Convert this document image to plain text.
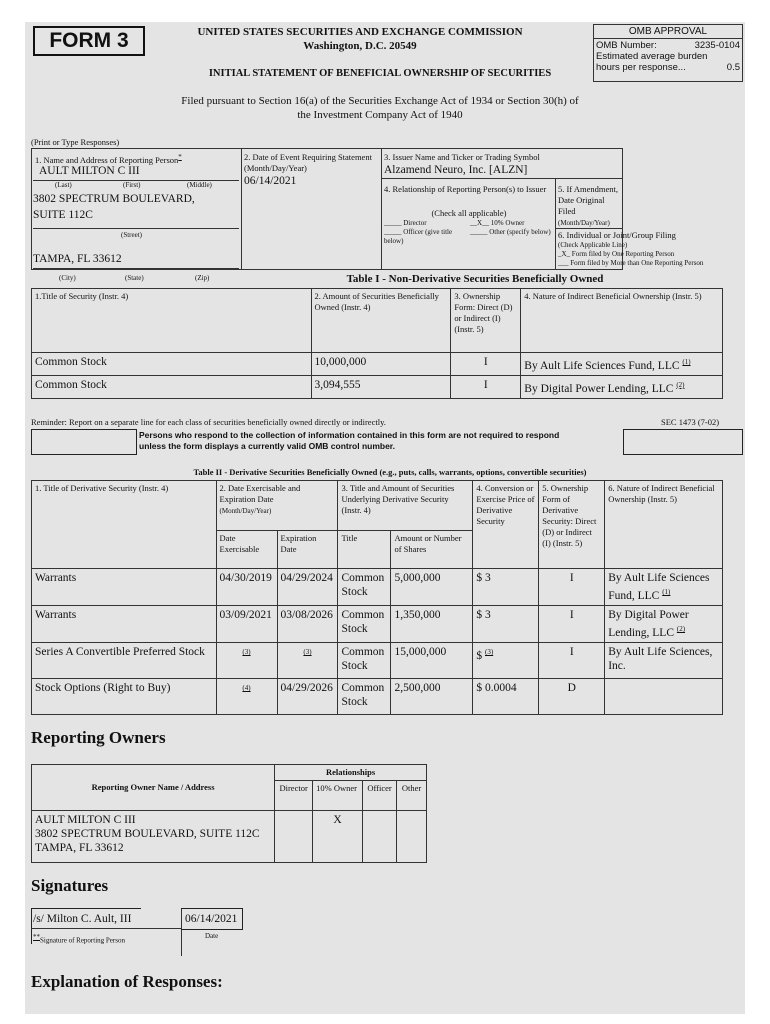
FORM 3	UNITED STATES SECURITIES AND EXCHANGE COMMISSION
Washington, D.C. 20549
INITIAL STATEMENT OF BENEFICIAL OWNERSHIP OF SECURITIES
OMB APPROVAL
OMB Number:	3235-0104
Estimated average burden
hours per response...	0.5
Filed pursuant to Section 16(a) of the Securities Exchange Act of 1934 or Section 30(h) of
the Investment Company Act of 1940
(Print or Type Responses)
1. Name and Address of Reporting Person*
AULT MILTON C III
(Last)	(First)	(Middle)
3802 SPECTRUM BOULEVARD,
SUITE 112C
(Street)
TAMPA, FL 33612
2. Date of Event Requiring Statement (Month/Day/Year)
06/14/2021
3. Issuer Name and Ticker or Trading Symbol
Alzamend Neuro, Inc. [ALZN]
4. Relationship of Reporting Person(s) to Issuer
(Check all applicable)
_____ Director	__X__ 10% Owner
_____ Officer (give title below)
_____ Other (specify below)
5. If Amendment, Date Original Filed (Month/Day/Year)
6. Individual or Joint/Group Filing
(Check Applicable Line)
_X_ Form filed by One Reporting Person
___ Form filed by More than One Reporting Person
(City)	(State)	(Zip)	Table I - Non-Derivative Securities Beneficially Owned
1.Title of Security (Instr. 4)	2. Amount of Securities Beneficially Owned (Instr. 4)	3. Ownership Form: Direct (D) or Indirect (I) (Instr. 5)	4. Nature of Indirect Beneficial Ownership (Instr. 5)
Common Stock	10,000,000	I	By Ault Life Sciences Fund, LLC $^{(1)}$
Common Stock	3,094,555	I	By Digital Power Lending, LLC $^{(2)}$
Reminder: Report on a separate line for each class of securities beneficially owned directly or indirectly.	SEC 1473 (7-02)
Persons who respond to the collection of information contained in this form are not required to respond
unless the form displays a currently valid OMB control number.
Table II - Derivative Securities Beneficially Owned (e.g., puts, calls, warrants, options, convertible securities)
1. Title of Derivative Security (Instr. 4)	2. Date Exercisable and Expiration Date
(Month/Day/Year)		3. Title and Amount of Securities Underlying Derivative Security (Instr. 4)		4. Conversion or Exercise Price of Derivative Security	5. Ownership Form of Derivative Security: Direct (D) or Indirect (I) (Instr. 5)	6. Nature of Indirect Beneficial Ownership (Instr. 5)
	Date Exercisable	Expiration Date	Title	Amount or Number of Shares			
Warrants	04/30/2019	04/29/2024	Common Stock	5,000,000	$ 3	I	By Ault Life Sciences Fund, LLC $^{(1)}$
Warrants	03/09/2021	03/08/2026	Common Stock	1,350,000	$ 3	I	By Digital Power Lending, LLC $^{(2)}$
Series A Convertible Preferred Stock	$^{(3)}$	$^{(3)}$	Common Stock	15,000,000	$ $^{(3)}$	I	By Ault Life Sciences, Inc.
Stock Options (Right to Buy)	$^{(4)}$	04/29/2026	Common Stock	2,500,000	$ 0.0004	D	
Reporting Owners
Reporting Owner Name / Address	Relationships			
	Director	10% Owner	Officer	Other

AULT MILTON C III
3802 SPECTRUM BOULEVARD, SUITE 112C
TAMPA, FL 33612		X		
Signatures
/s/ Milton C. Ault, III	06/14/2021
**Signature of Reporting Person
Date
Explanation of Responses:
